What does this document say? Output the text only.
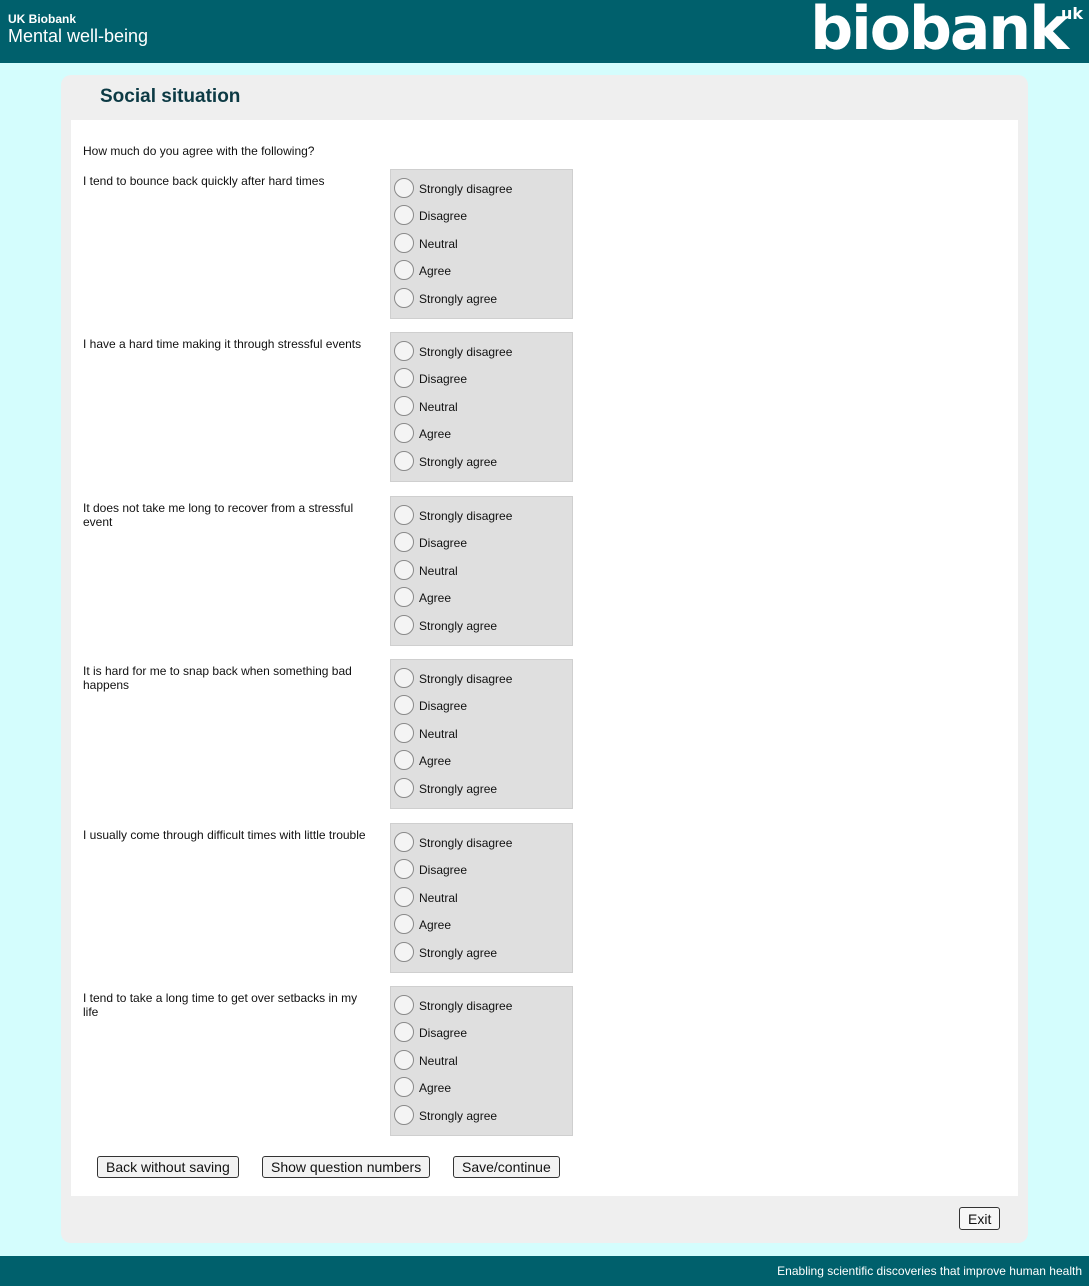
UK Biobank
Mental well-being	biobank
uk
Social situation
How much do you agree with the following?
I tend to bounce back quickly after hard times
Strongly disagree
Disagree
Neutral
Agree
Strongly agree
I have a hard time making it through stressful events
Strongly disagree
Disagree
Neutral
Agree
Strongly agree
It does not take me long to recover from a stressful event	Strongly disagree
Disagree
Neutral
Agree
Strongly agree
It is hard for me to snap back when something bad happens	Strongly disagree
Disagree
Neutral
Agree
Strongly agree
I usually come through difficult times with little trouble
Strongly disagree
Disagree
Neutral
Agree
Strongly agree
I tend to take a long time to get over setbacks in my life	Strongly disagree
Disagree
Neutral
Agree
Strongly agree
Back without saving	Show question numbers	Save/continue
Exit
Enabling scientific discoveries that improve human health
